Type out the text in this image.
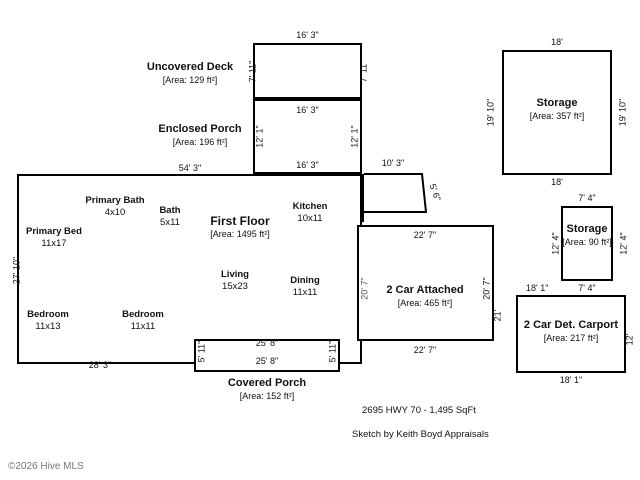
16' 3"
7' 11"	7' 11"
Uncovered Deck
[Area: 129 ft²]
16' 3"
16' 3"
12' 1"	12' 1"
Enclosed Porch
[Area: 196 ft²]
54' 3"
27' 10"
28' 3"
First Floor
[Area: 1495 ft²]
Primary Bath
4x10	Bath
5x11
Primary Bed
11x17
Kitchen
10x11
Living
15x23
Dining
11x11
Bedroom
11x13
Bedroom
11x11
10' 3"
5' 6"
22' 7"
22' 7"
20' 7"	20' 7"
21'
2 Car Attached
[Area: 465 ft²]
25' 8"
25' 8"
5' 11"	5' 11"
Covered Porch
[Area: 152 ft²]
18'
18'
19' 10"	19' 10"
Storage
[Area: 357 ft²]
7' 4"
7' 4"
12' 4"	12' 4"
18' 1"
Storage
[Area: 90 ft²]
18' 1"
12'
2 Car Det. Carport
[Area: 217 ft²]
2695 HWY 70 - 1,495 SqFt
Sketch by Keith Boyd Appraisals
©2026 Hive MLS
